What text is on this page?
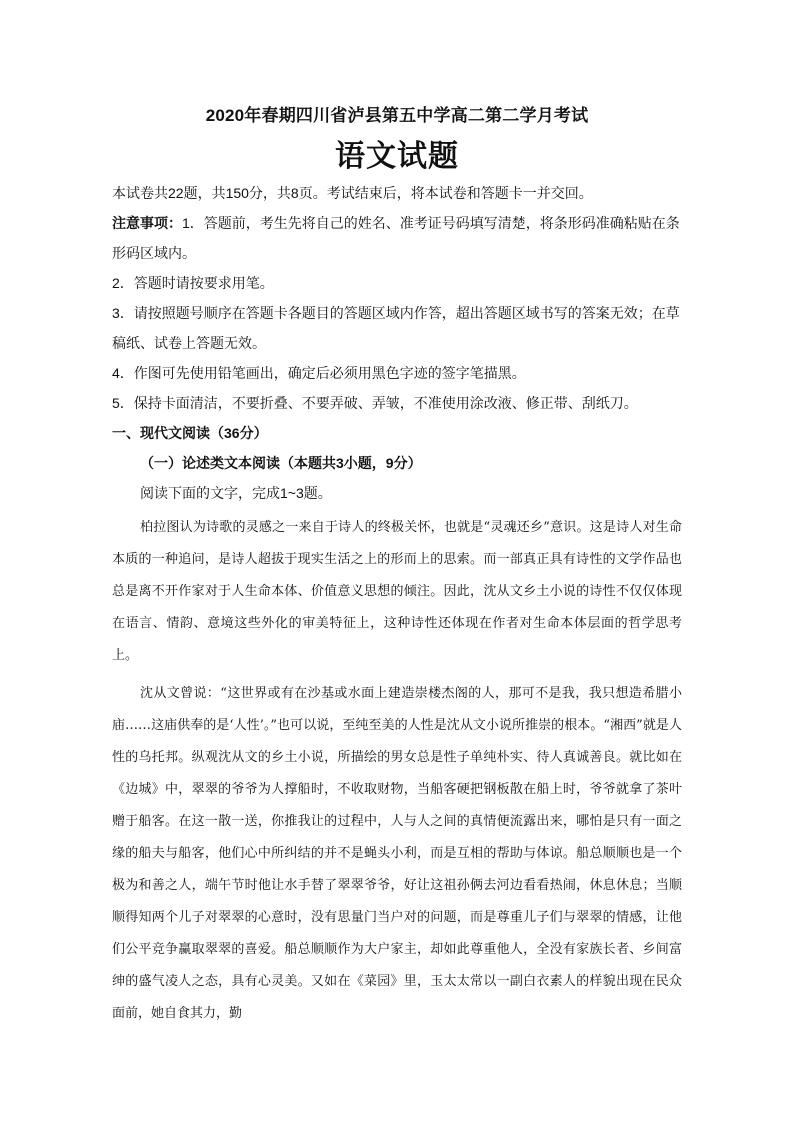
2020年春期四川省泸县第五中学高二第二学月考试
语文试题

本试卷共22题，共150分，共8页。考试结束后，将本试卷和答题卡一并交回。

注意事项：1．答题前，考生先将自己的姓名、准考证号码填写清楚，将条形码准确粘贴在条

形码区域内。

2．答题时请按要求用笔。

3．请按照题号顺序在答题卡各题目的答题区域内作答，超出答题区域书写的答案无效；在草

稿纸、试卷上答题无效。

4．作图可先使用铅笔画出，确定后必须用黑色字迹的签字笔描黑。

5．保持卡面清洁，不要折叠、不要弄破、弄皱，不准使用涂改液、修正带、刮纸刀。

一、现代文阅读（36分）

（一）论述类文本阅读（本题共3小题，9分）

阅读下面的文字，完成1~3题。

柏拉图认为诗歌的灵感之一来自于诗人的终极关怀，也就是“灵魂还乡”意识。这是诗人对生命本质的一种追问，是诗人超拔于现实生活之上的形而上的思索。而一部真正具有诗性的文学作品也总是离不开作家对于人生命本体、价值意义思想的倾注。因此，沈从文乡土小说的诗性不仅仅体现在语言、情韵、意境这些外化的审美特征上，这种诗性还体现在作者对生命本体层面的哲学思考上。

沈从文曾说：“这世界或有在沙基或水面上建造崇楼杰阁的人，那可不是我，我只想造希腊小庙……这庙供奉的是‘人性’。”也可以说，至纯至美的人性是沈从文小说所推崇的根本。“湘西”就是人性的乌托邦。纵观沈从文的乡土小说，所描绘的男女总是性子单纯朴实、待人真诚善良。就比如在《边城》中，翠翠的爷爷为人撑船时，不收取财物，当船客硬把钢板散在船上时，爷爷就拿了茶叶赠于船客。在这一散一送，你推我让的过程中，人与人之间的真情便流露出来，哪怕是只有一面之缘的船夫与船客，他们心中所纠结的并不是蝇头小利，而是互相的帮助与体谅。船总顺顺也是一个极为和善之人，端午节时他让水手替了翠翠爷爷，好让这祖孙俩去河边看看热闹，休息休息；当顺顺得知两个儿子对翠翠的心意时，没有思量门当户对的问题，而是尊重儿子们与翠翠的情感，让他们公平竞争赢取翠翠的喜爱。船总顺顺作为大户家主，却如此尊重他人，全没有家族长者、乡间富绅的盛气凌人之态，具有心灵美。又如在《菜园》里，玉太太常以一副白衣素人的样貌出现在民众面前，她自食其力，勤
